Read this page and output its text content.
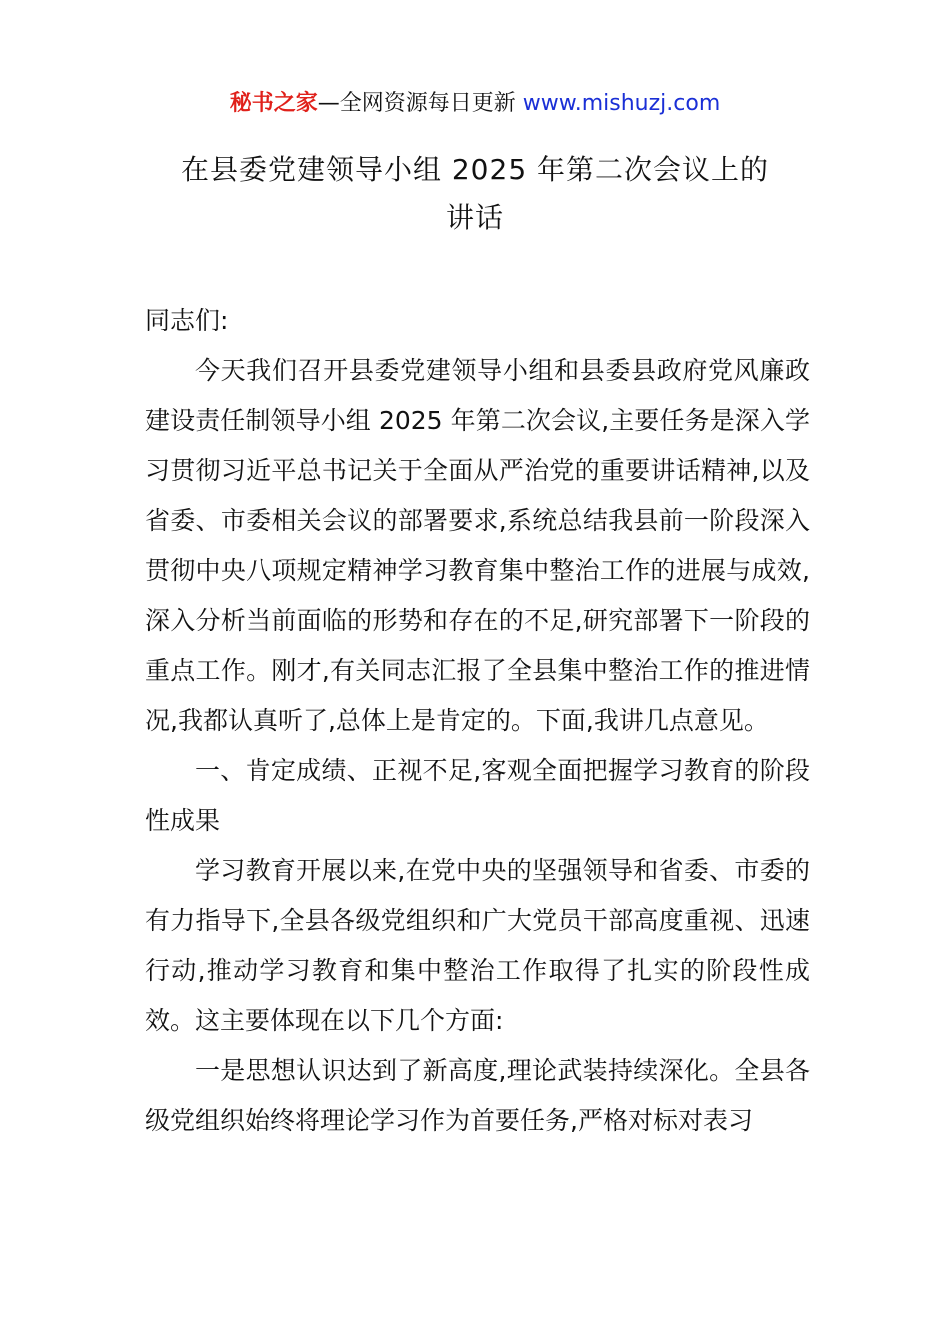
秘书之家—全网资源每日更新 www.mishuzj.com
在县委党建领导小组 2025 年第二次会议上的
讲话

同志们:

今天我们召开县委党建领导小组和县委县政府党风廉政建设责任制领导小组 2025 年第二次会议,主要任务是深入学习贯彻习近平总书记关于全面从严治党的重要讲话精神,以及省委、市委相关会议的部署要求,系统总结我县前一阶段深入贯彻中央八项规定精神学习教育集中整治工作的进展与成效,深入分析当前面临的形势和存在的不足,研究部署下一阶段的重点工作。刚才,有关同志汇报了全县集中整治工作的推进情况,我都认真听了,总体上是肯定的。下面,我讲几点意见。

一、肯定成绩、正视不足,客观全面把握学习教育的阶段性成果

学习教育开展以来,在党中央的坚强领导和省委、市委的有力指导下,全县各级党组织和广大党员干部高度重视、迅速行动,推动学习教育和集中整治工作取得了扎实的阶段性成效。这主要体现在以下几个方面:

一是思想认识达到了新高度,理论武装持续深化。全县各级党组织始终将理论学习作为首要任务,严格对标对表习
